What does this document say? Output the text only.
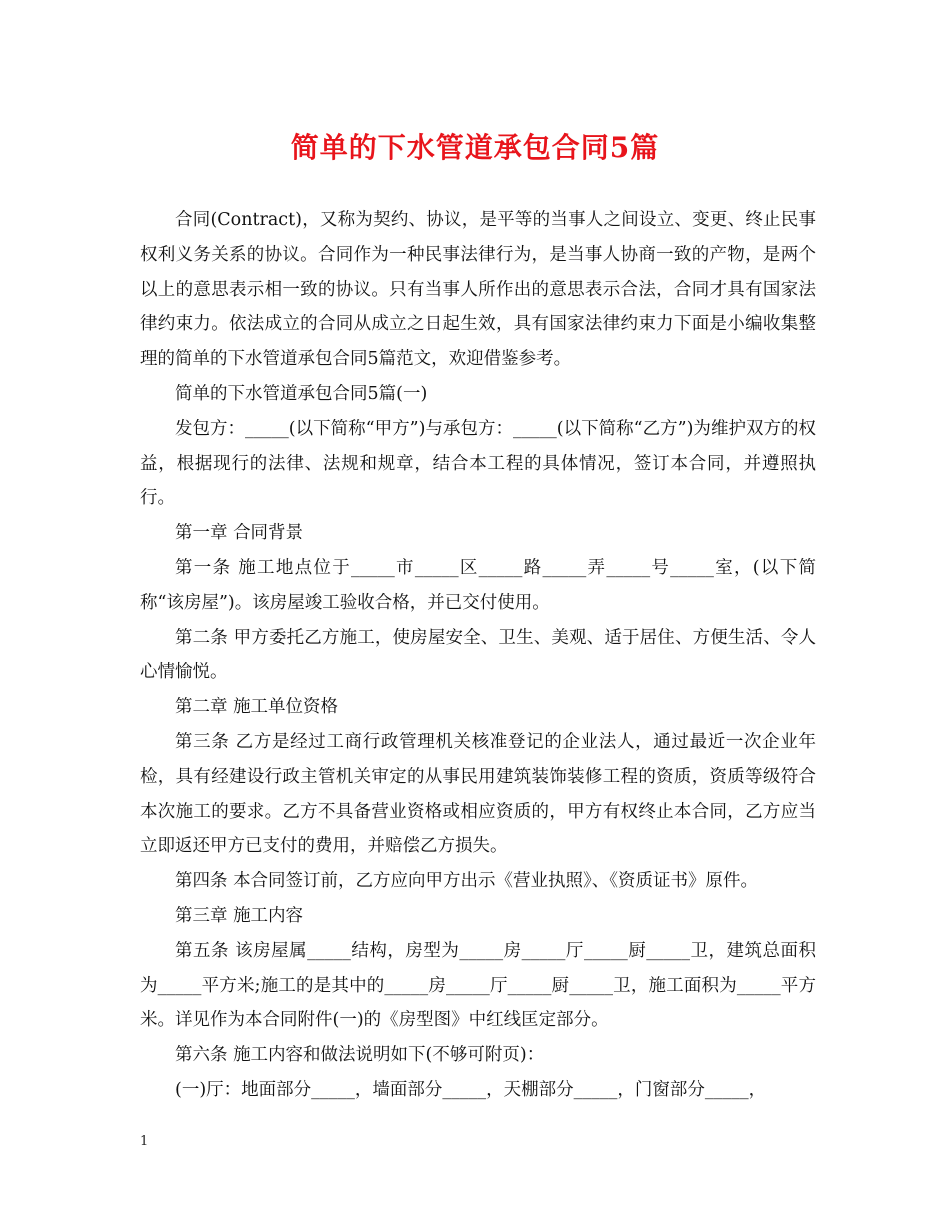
简单的下水管道承包合同5篇

合同(Contract)，又称为契约、协议，是平等的当事人之间设立、变更、终止民事权利义务关系的协议。合同作为一种民事法律行为，是当事人协商一致的产物，是两个以上的意思表示相一致的协议。只有当事人所作出的意思表示合法，合同才具有国家法律约束力。依法成立的合同从成立之日起生效，具有国家法律约束力下面是小编收集整理的简单的下水管道承包合同5篇范文，欢迎借鉴参考。

简单的下水管道承包合同5篇(一)

发包方：_____(以下简称“甲方”)与承包方：_____(以下简称“乙方”)为维护双方的权益，根据现行的法律、法规和规章，结合本工程的具体情况，签订本合同，并遵照执行。

第一章 合同背景

第一条 施工地点位于_____市_____区_____路_____弄_____号_____室，(以下简称“该房屋”)。该房屋竣工验收合格，并已交付使用。

第二条 甲方委托乙方施工，使房屋安全、卫生、美观、适于居住、方便生活、令人心情愉悦。

第二章 施工单位资格

第三条 乙方是经过工商行政管理机关核准登记的企业法人，通过最近一次企业年检，具有经建设行政主管机关审定的从事民用建筑装饰装修工程的资质，资质等级符合本次施工的要求。乙方不具备营业资格或相应资质的，甲方有权终止本合同，乙方应当立即返还甲方已支付的费用，并赔偿乙方损失。

第四条 本合同签订前，乙方应向甲方出示《营业执照》、《资质证书》原件。

第三章 施工内容

第五条 该房屋属_____结构，房型为_____房_____厅_____厨_____卫，建筑总面积为_____平方米;施工的是其中的_____房_____厅_____厨_____卫，施工面积为_____平方米。详见作为本合同附件(一)的《房型图》中红线匡定部分。

第六条 施工内容和做法说明如下(不够可附页)：

(一)厅：地面部分_____，墙面部分_____，天棚部分_____，门窗部分_____，

1
